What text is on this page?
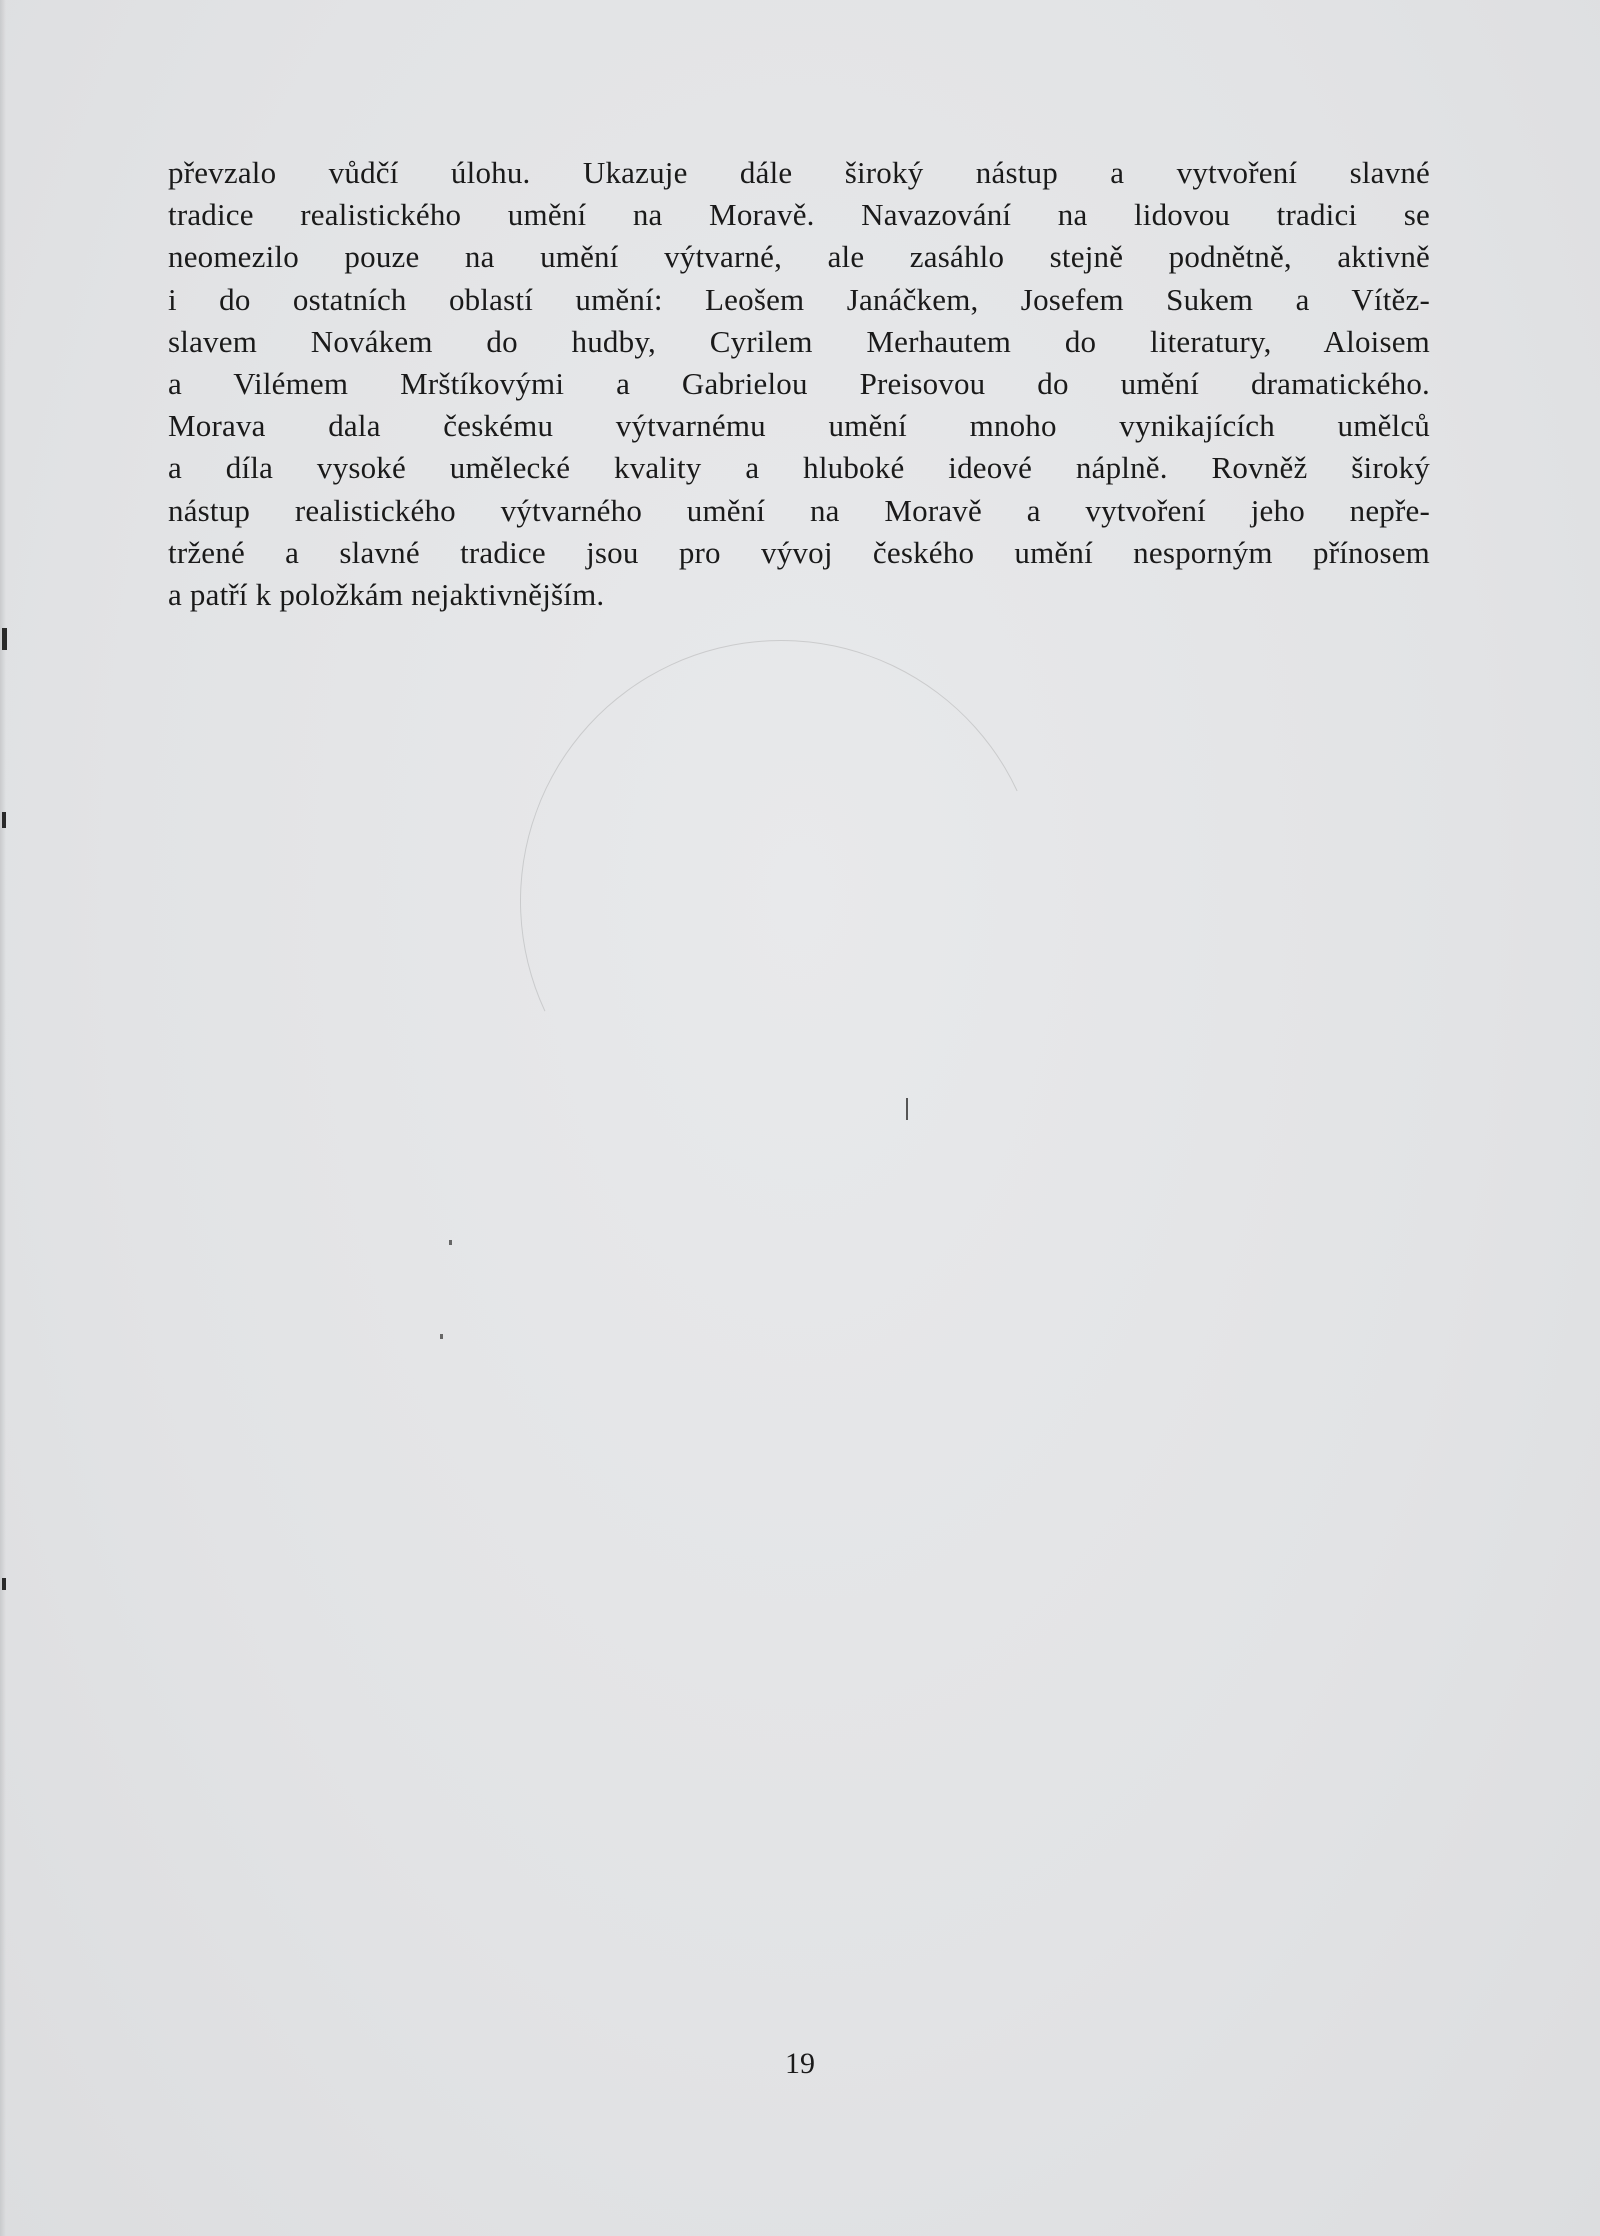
převzalo vůdčí úlohu. Ukazuje dále široký nástup a vytvoření slavné
tradice realistického umění na Moravě. Navazování na lidovou tradici se
neomezilo pouze na umění výtvarné, ale zasáhlo stejně podnětně, aktivně
i do ostatních oblastí umění: Leošem Janáčkem, Josefem Sukem a Vítěz-
slavem Novákem do hudby, Cyrilem Merhautem do literatury, Aloisem
a Vilémem Mrštíkovými a Gabrielou Preisovou do umění dramatického.
Morava dala českému výtvarnému umění mnoho vynikajících umělců
a díla vysoké umělecké kvality a hluboké ideové náplně. Rovněž široký
nástup realistického výtvarného umění na Moravě a vytvoření jeho nepře-
tržené a slavné tradice jsou pro vývoj českého umění nesporným přínosem
a patří k položkám nejaktivnějším.
19
